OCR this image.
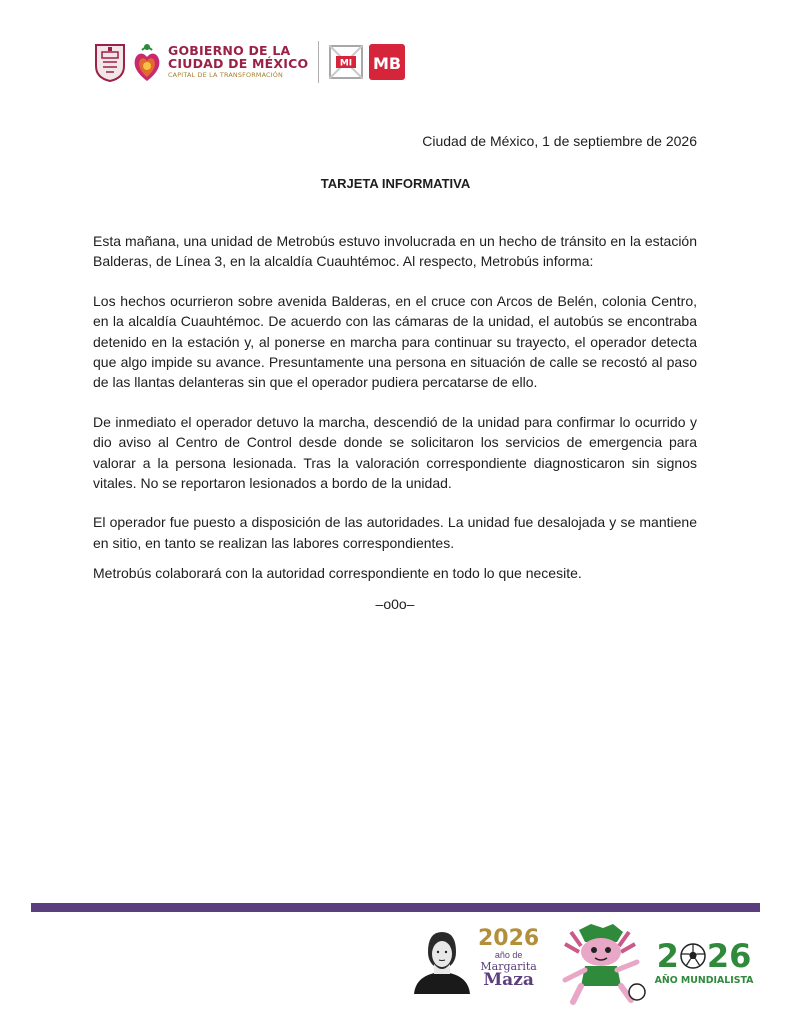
GOBIERNO DE LA
CIUDAD DE MÉXICO
CAPITAL DE LA TRANSFORMACIÓN
MI MB
Ciudad de México, 1 de septiembre de 2026
TARJETA INFORMATIVA

Esta mañana, una unidad de Metrobús estuvo involucrada en un hecho de tránsito en la estación Balderas, de Línea 3, en la alcaldía Cuauhtémoc. Al respecto, Metrobús informa:

Los hechos ocurrieron sobre avenida Balderas, en el cruce con Arcos de Belén, colonia Centro, en la alcaldía Cuauhtémoc. De acuerdo con las cámaras de la unidad, el autobús se encontraba detenido en la estación y, al ponerse en marcha para continuar su trayecto, el operador detecta que algo impide su avance. Presuntamente una persona en situación de calle se recostó al paso de las llantas delanteras sin que el operador pudiera percatarse de ello.

De inmediato el operador detuvo la marcha, descendió de la unidad para confirmar lo ocurrido y dio aviso al Centro de Control desde donde se solicitaron los servicios de emergencia para valorar a la persona lesionada. Tras la valoración correspondiente diagnosticaron sin signos vitales. No se reportaron lesionados a bordo de la unidad.

El operador fue puesto a disposición de las autoridades. La unidad fue desalojada y se mantiene en sitio, en tanto se realizan las labores correspondientes.

Metrobús colaborará con la autoridad correspondiente en todo lo que necesite.

–o0o–

2026
año de
Margarita
Maza
2 26
AÑO MUNDIALISTA
